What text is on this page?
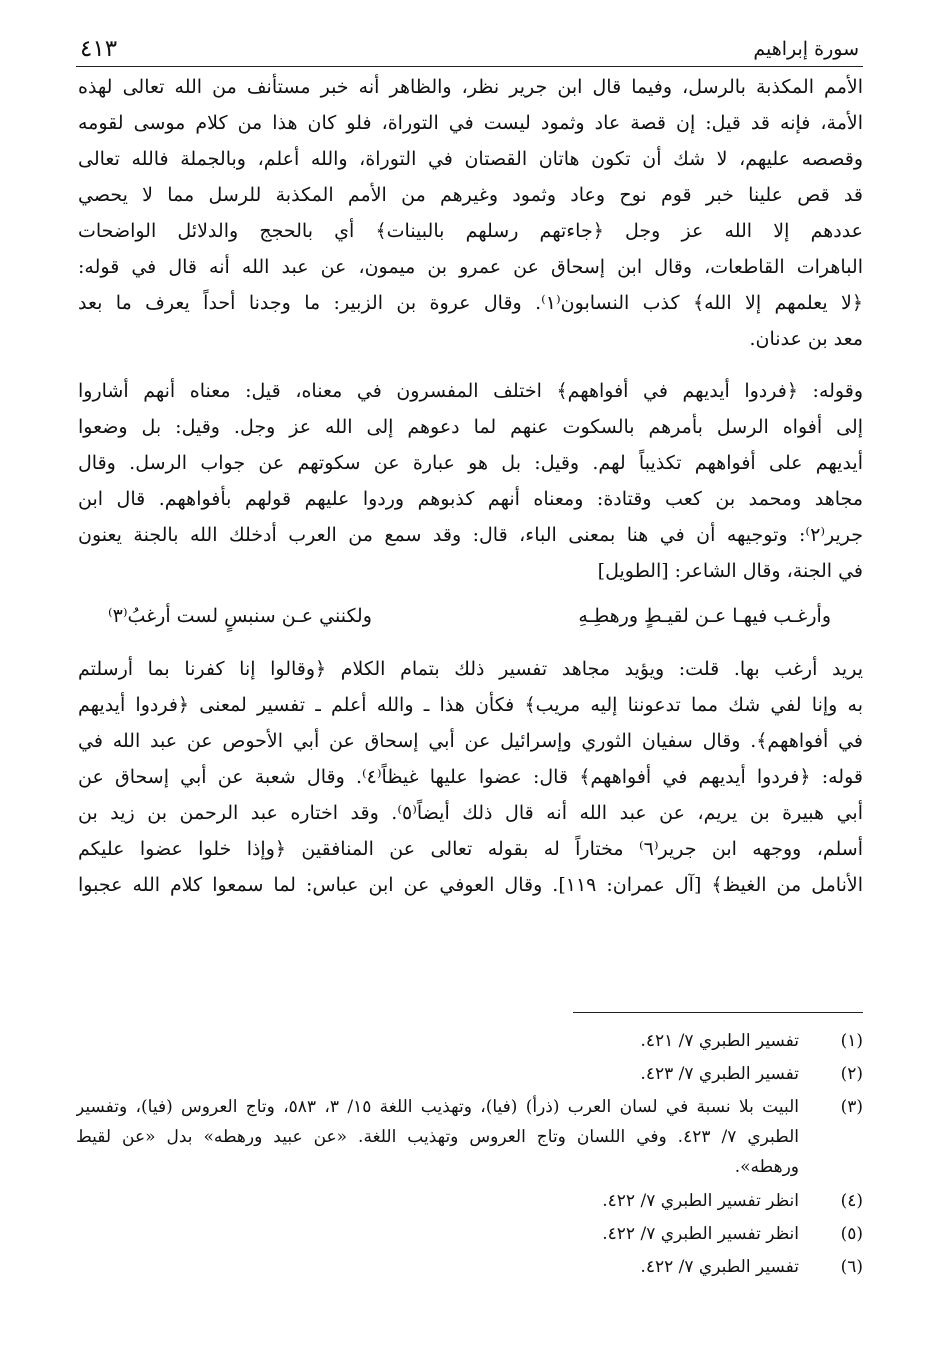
سورة إبراهيم
٤١٣

الأمم المكذبة بالرسل، وفيما قال ابن جرير نظر، والظاهر أنه خبر مستأنف من الله تعالى لهذه

الأمة، فإنه قد قيل: إن قصة عاد وثمود ليست في التوراة، فلو كان هذا من كلام موسى لقومه

وقصصه عليهم، لا شك أن تكون هاتان القصتان في التوراة، والله أعلم، وبالجملة فالله تعالى

قد قص علينا خبر قوم نوح وعاد وثمود وغيرهم من الأمم المكذبة للرسل مما لا يحصي

عددهم إلا الله عز وجل ﴿جاءتهم رسلهم بالبينات﴾ أي بالحجج والدلائل الواضحات

الباهرات القاطعات، وقال ابن إسحاق عن عمرو بن ميمون، عن عبد الله أنه قال في قوله:

﴿لا يعلمهم إلا الله﴾ كذب النسابون⁽١⁾. وقال عروة بن الزبير: ما وجدنا أحداً يعرف ما بعد

معد بن عدنان.

وقوله: ﴿فردوا أيديهم في أفواههم﴾ اختلف المفسرون في معناه، قيل: معناه أنهم أشاروا

إلى أفواه الرسل بأمرهم بالسكوت عنهم لما دعوهم إلى الله عز وجل. وقيل: بل وضعوا

أيديهم على أفواههم تكذيباً لهم. وقيل: بل هو عبارة عن سكوتهم عن جواب الرسل. وقال

مجاهد ومحمد بن كعب وقتادة: ومعناه أنهم كذبوهم وردوا عليهم قولهم بأفواههم. قال ابن

جرير⁽٢⁾: وتوجيهه أن في هنا بمعنى الباء، قال: وقد سمع من العرب أدخلك الله بالجنة يعنون

في الجنة، وقال الشاعر: [الطويل]

وأرغـب فيهـا عـن لقيـطٍ ورهطِـهِ
ولكنني عـن سنبسٍ لست أرغبُ⁽٣⁾

يريد أرغب بها. قلت: ويؤيد مجاهد تفسير ذلك بتمام الكلام ﴿وقالوا إنا كفرنا بما أرسلتم

به وإنا لفي شك مما تدعوننا إليه مريب﴾ فكأن هذا ـ والله أعلم ـ تفسير لمعنى ﴿فردوا أيديهم

في أفواههم﴾. وقال سفيان الثوري وإسرائيل عن أبي إسحاق عن أبي الأحوص عن عبد الله في

قوله: ﴿فردوا أيديهم في أفواههم﴾ قال: عضوا عليها غيظاً⁽٤⁾. وقال شعبة عن أبي إسحاق عن

أبي هبيرة بن يريم، عن عبد الله أنه قال ذلك أيضاً⁽٥⁾. وقد اختاره عبد الرحمن بن زيد بن

أسلم، ووجهه ابن جرير⁽٦⁾ مختاراً له بقوله تعالى عن المنافقين ﴿وإذا خلوا عضوا عليكم

الأنامل من الغيظ﴾ [آل عمران: ١١٩]. وقال العوفي عن ابن عباس: لما سمعوا كلام الله عجبوا

(١)

تفسير الطبري ٧/ ٤٢١.

(٢)

تفسير الطبري ٧/ ٤٢٣.

(٣)

البيت بلا نسبة في لسان العرب (ذرأ) (فيا)، وتهذيب اللغة ١٥/ ٣، ٥٨٣، وتاج العروس (فيا)، وتفسير

الطبري ٧/ ٤٢٣. وفي اللسان وتاج العروس وتهذيب اللغة. «عن عبيد ورهطه» بدل «عن لقيط

ورهطه».

(٤)

انظر تفسير الطبري ٧/ ٤٢٢.

(٥)

انظر تفسير الطبري ٧/ ٤٢٢.

(٦)

تفسير الطبري ٧/ ٤٢٢.
